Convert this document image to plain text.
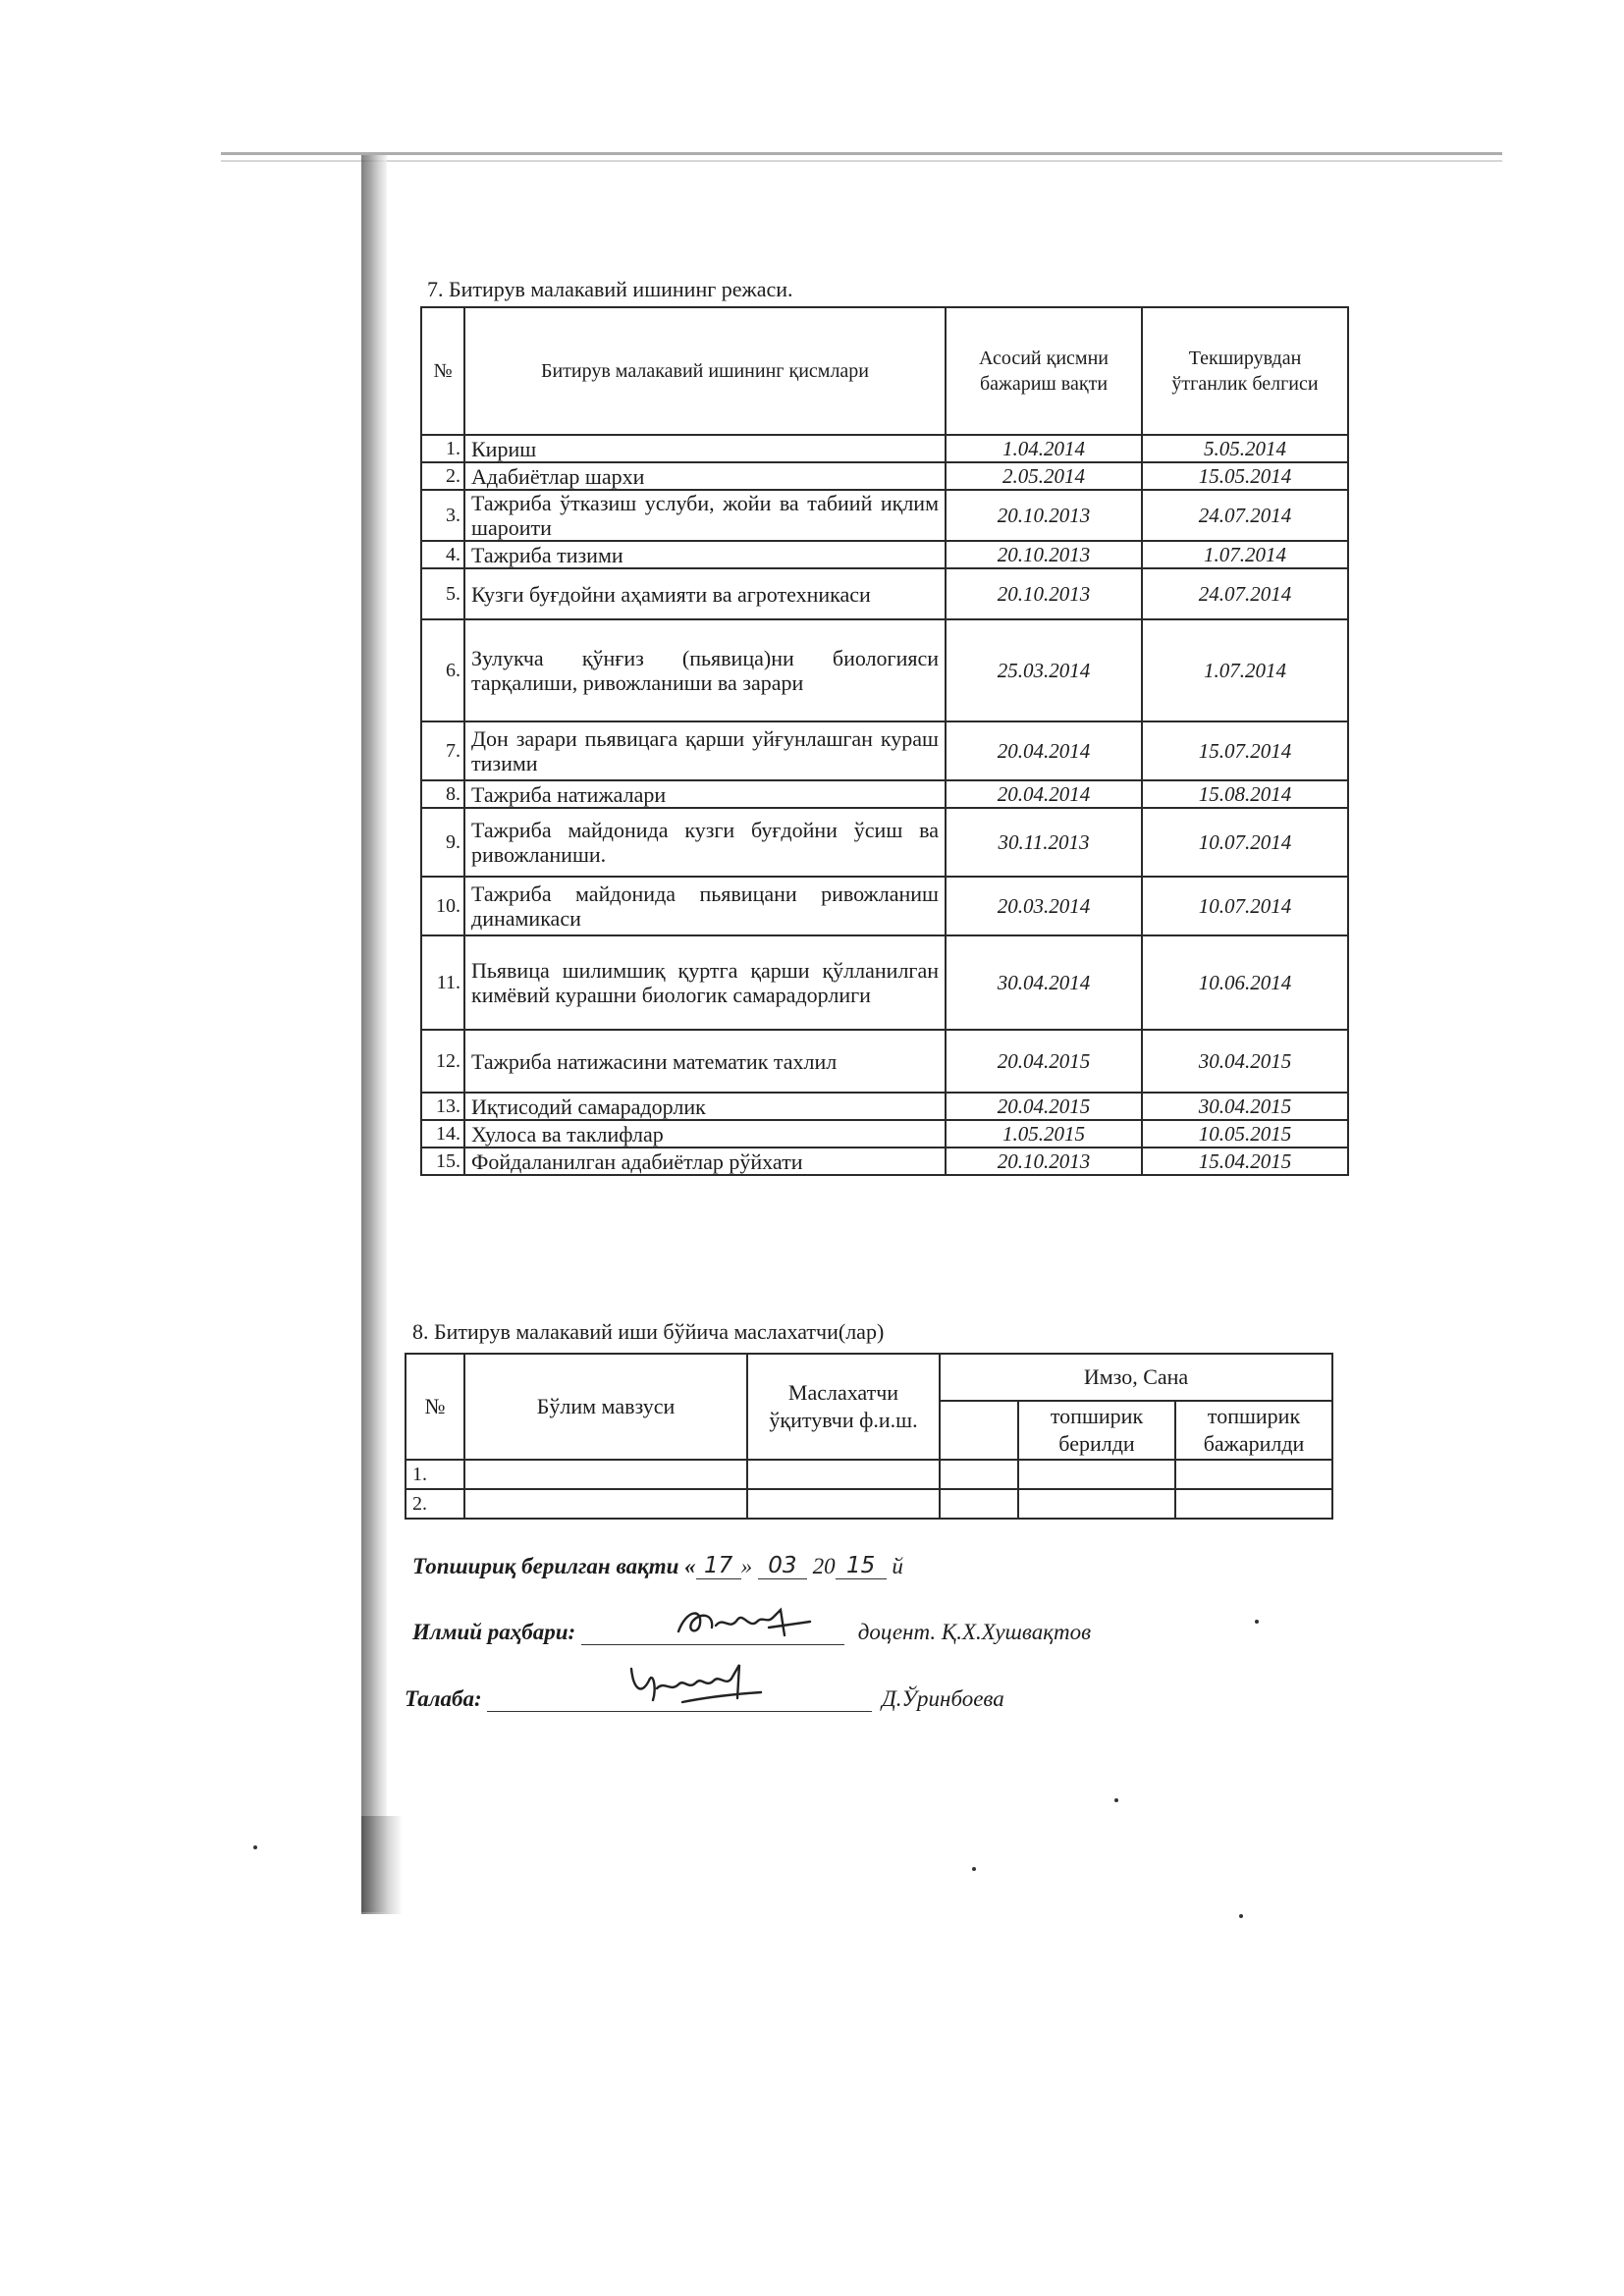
7. Битирув малакавий ишининг режаси.
№	Битирув малакавий ишининг қисмлари	Асосий қисмни бажариш вақти	Текширувдан ўтганлик белгиси
1.	Кириш	1.04.2014	5.05.2014
2.	Адабиётлар шархи	2.05.2014	15.05.2014
3.	Тажриба ўтказиш услуби, жойи ва табиий иқлим шароити	20.10.2013	24.07.2014
4.	Тажриба тизими	20.10.2013	1.07.2014
5.	Кузги буғдойни аҳамияти ва агротехникаси	20.10.2013	24.07.2014
6.	Зулукча қўнғиз (пьявица)ни биологияси тарқалиши, ривожланиши ва зарари	25.03.2014	1.07.2014
7.	Дон зарари пьявицага қарши уйғунлашган кураш тизими	20.04.2014	15.07.2014
8.	Тажриба натижалари	20.04.2014	15.08.2014
9.	Тажриба майдонида кузги буғдойни ўсиш ва ривожланиши.	30.11.2013	10.07.2014
10.	Тажриба майдонида пьявицани ривожланиш динамикаси	20.03.2014	10.07.2014
11.	Пьявица шилимшиқ қуртга қарши қўлланилган кимёвий курашни биологик самарадорлиги	30.04.2014	10.06.2014
12.	Тажриба натижасини математик тахлил	20.04.2015	30.04.2015
13.	Иқтисодий самарадорлик	20.04.2015	30.04.2015
14.	Хулоса ва таклифлар	1.05.2015	10.05.2015
15.	Фойдаланилган адабиётлар рўйхати	20.10.2013	15.04.2015
8. Битирув малакавий иши бўйича маслахатчи(лар)
№	Бўлим мавзуси	Маслахатчи ўқитувчи ф.и.ш.	Имзо, Сана		
				топширик берилди	топширик бажарилди
1.					
2.					
Топшириқ берилган вақти « 17 » 03 20 15 й
Илмий раҳбари:	доцент. Қ.Х.Хушвақтов
Талаба:	Д.Ўринбоева
